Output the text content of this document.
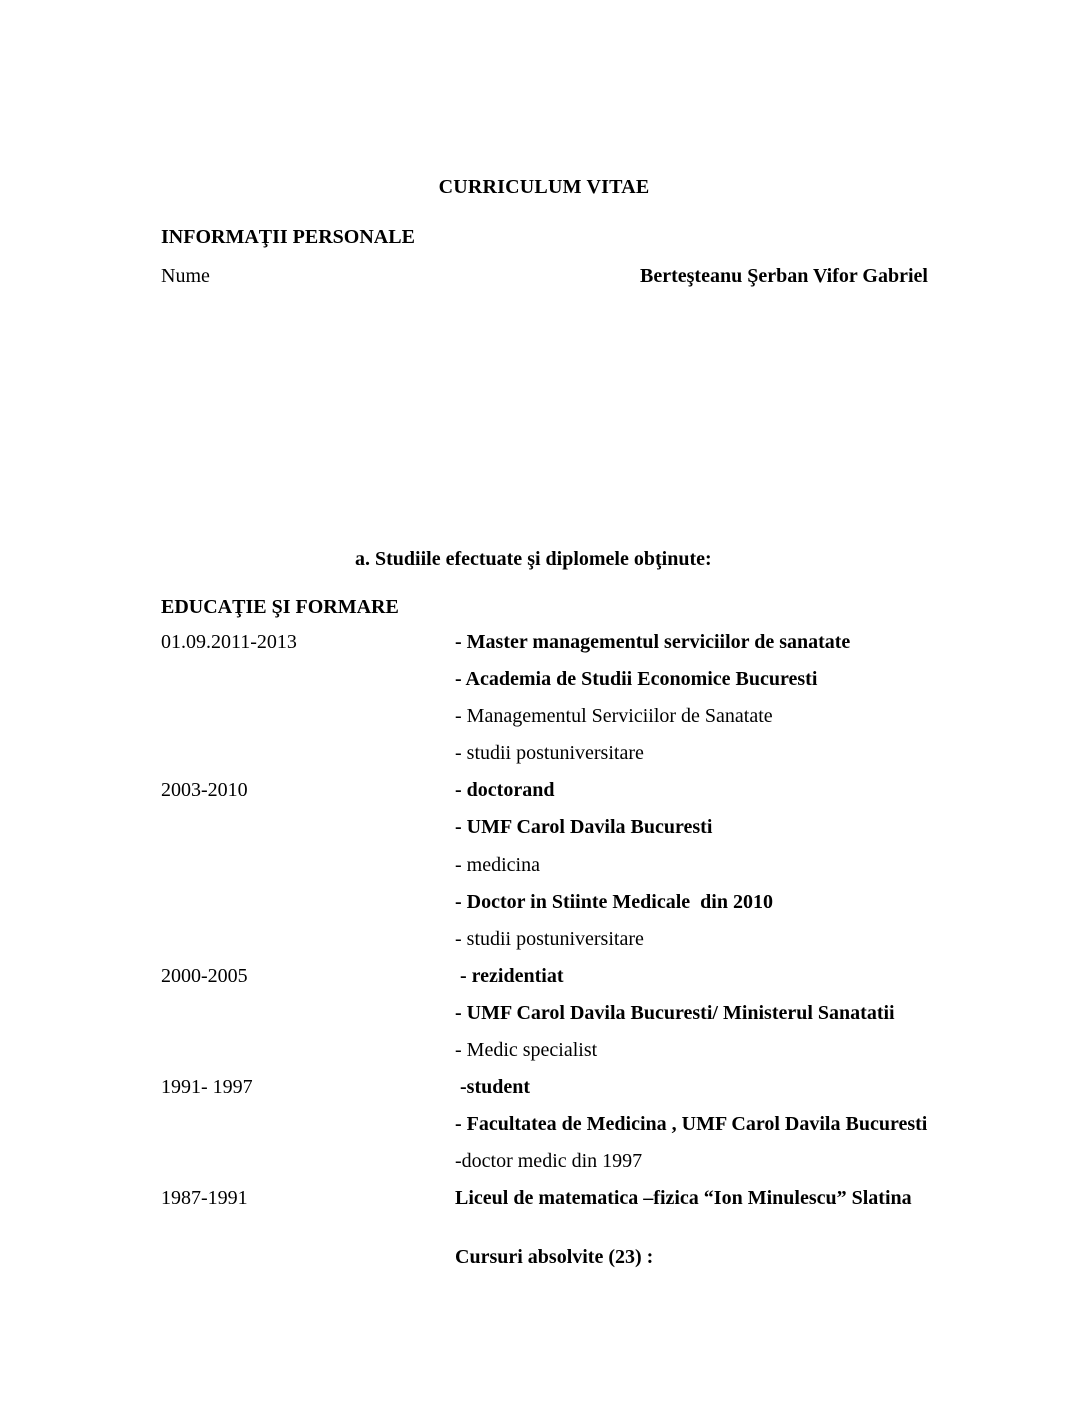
CURRICULUM VITAE
INFORMAŢII PERSONALE
Nume	Berteşteanu Şerban Vifor Gabriel
a. Studiile efectuate şi diplomele obţinute:
EDUCAŢIE ŞI FORMARE
01.09.2011-2013	- Master managementul serviciilor de sanatate
- Academia de Studii Economice Bucuresti
- Managementul Serviciilor de Sanatate
- studii postuniversitare
2003-2010	- doctorand
- UMF Carol Davila Bucuresti
- medicina
- Doctor in Stiinte Medicale  din 2010
- studii postuniversitare
2000-2005	- rezidentiat
- UMF Carol Davila Bucuresti/ Ministerul Sanatatii
- Medic specialist
1991- 1997	-student
- Facultatea de Medicina , UMF Carol Davila Bucuresti
-doctor medic din 1997
1987-1991	Liceul de matematica –fizica “Ion Minulescu” Slatina
Cursuri absolvite (23) :
